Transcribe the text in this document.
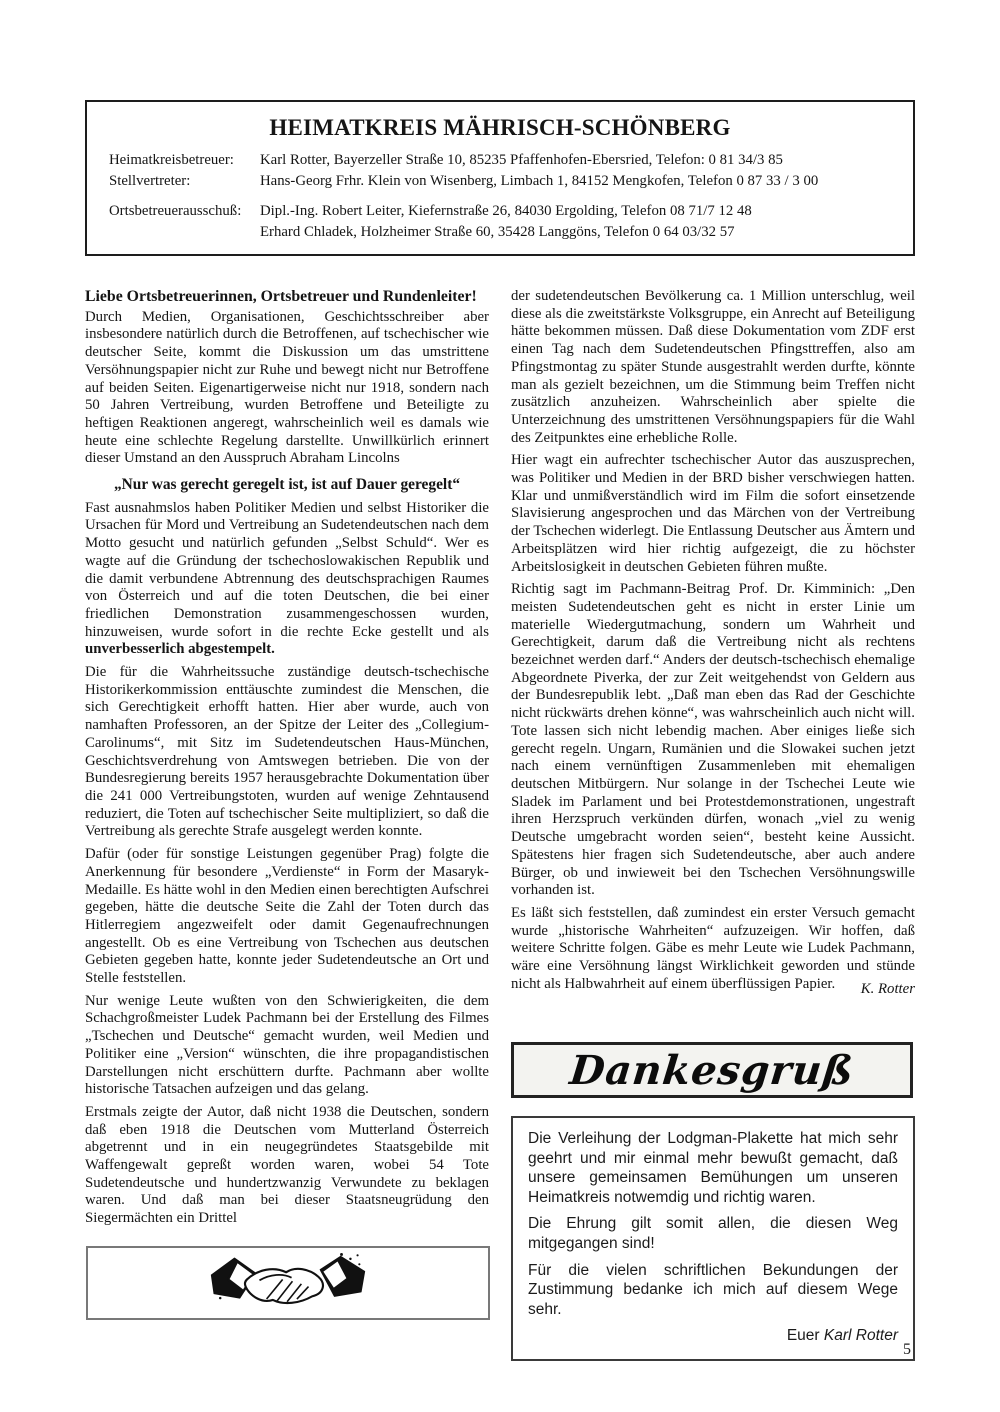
HEIMATKREIS MÄHRISCH-SCHÖNBERG
Heimatkreisbetreuer:	Karl Rotter, Bayerzeller Straße 10, 85235 Pfaffenhofen-Ebersried, Telefon: 0 81 34/3 85
Stellvertreter:	Hans-Georg Frhr. Klein von Wisenberg, Limbach 1, 84152 Mengkofen, Telefon 0 87 33 / 3 00
Ortsbetreuerausschuß:	Dipl.-Ing. Robert Leiter, Kiefernstraße 26, 84030 Ergolding, Telefon 08 71/7 12 48
Erhard Chladek, Holzheimer Straße 60, 35428 Langgöns, Telefon 0 64 03/32 57

Liebe Ortsbetreuerinnen, Ortsbetreuer und Rundenleiter!

Durch Medien, Organisationen, Geschichtsschreiber aber insbesondere natürlich durch die Betroffenen, auf tschechischer wie deutscher Seite, kommt die Diskussion um das umstrittene Versöhnungspapier nicht zur Ruhe und bewegt nicht nur Betroffene auf beiden Seiten. Eigenartigerweise nicht nur 1918, sondern nach 50 Jahren Vertreibung, wurden Betroffene und Beteiligte zu heftigen Reaktionen angeregt, wahrscheinlich weil es damals wie heute eine schlechte Regelung darstellte. Unwillkürlich erinnert dieser Umstand an den Ausspruch Abraham Lincolns

„Nur was gerecht geregelt ist, ist auf Dauer geregelt“

Fast ausnahmslos haben Politiker Medien und selbst Historiker die Ursachen für Mord und Vertreibung an Sudetendeutschen nach dem Motto gesucht und natürlich gefunden „Selbst Schuld“. Wer es wagte auf die Gründung der tschechoslowakischen Republik und die damit verbundene Abtrennung des deutschsprachigen Raumes von Österreich und auf die toten Deutschen, die bei einer friedlichen Demonstration zusammengeschossen wurden, hinzuweisen, wurde sofort in die rechte Ecke gestellt und als unverbesserlich abgestempelt.

Die für die Wahrheitssuche zuständige deutsch-tschechische Historikerkommission enttäuschte zumindest die Menschen, die sich Gerechtigkeit erhofft hatten. Hier aber wurde, auch von namhaften Professoren, an der Spitze der Leiter des „Collegium-Carolinums“, mit Sitz im Sudetendeutschen Haus-München, Geschichtsverdrehung von Amtswegen betrieben. Die von der Bundesregierung bereits 1957 herausgebrachte Dokumentation über die 241 000 Vertreibungstoten, wurden auf wenige Zehntausend reduziert, die Toten auf tschechischer Seite multipliziert, so daß die Vertreibung als gerechte Strafe ausgelegt werden konnte.

Dafür (oder für sonstige Leistungen gegenüber Prag) folgte die Anerkennung für besondere „Verdienste“ in Form der Masaryk-Medaille. Es hätte wohl in den Medien einen berechtigten Aufschrei gegeben, hätte die deutsche Seite die Zahl der Toten durch das Hitlerregiem angezweifelt oder damit Gegenaufrechnungen angestellt. Ob es eine Vertreibung von Tschechen aus deutschen Gebieten gegeben hatte, konnte jeder Sudetendeutsche an Ort und Stelle feststellen.

Nur wenige Leute wußten von den Schwierigkeiten, die dem Schachgroßmeister Ludek Pachmann bei der Erstellung des Filmes „Tschechen und Deutsche“ gemacht wurden, weil Medien und Politiker eine „Version“ wünschten, die ihre propagandistischen Darstellungen nicht erschüttern durfte. Pachmann aber wollte historische Tatsachen aufzeigen und das gelang.

Erstmals zeigte der Autor, daß nicht 1938 die Deutschen, sondern daß eben 1918 die Deutschen vom Mutterland Österreich abgetrennt und in ein neugegründetes Staatsgebilde mit Waffengewalt gepreßt worden waren, wobei 54 Tote Sudetendeutsche und hundertzwanzig Verwundete zu beklagen waren. Und daß man bei dieser Staatsneugrüdung den Siegermächten ein Drittel

der sudetendeutschen Bevölkerung ca. 1 Million unterschlug, weil diese als die zweitstärkste Volksgruppe, ein Anrecht auf Beteiligung hätte bekommen müssen. Daß diese Dokumentation vom ZDF erst einen Tag nach dem Sudetendeutschen Pfingsttreffen, also am Pfingstmontag zu später Stunde ausgestrahlt werden durfte, könnte man als gezielt bezeichnen, um die Stimmung beim Treffen nicht zusätzlich anzuheizen. Wahrscheinlich aber spielte die Unterzeichnung des umstrittenen Versöhnungspapiers für die Wahl des Zeitpunktes eine erhebliche Rolle.

Hier wagt ein aufrechter tschechischer Autor das auszusprechen, was Politiker und Medien in der BRD bisher verschwiegen hatten. Klar und unmißverständlich wird im Film die sofort einsetzende Slavisierung angesprochen und das Märchen von der Vertreibung der Tschechen widerlegt. Die Entlassung Deutscher aus Ämtern und Arbeitsplätzen wird hier richtig aufgezeigt, die zu höchster Arbeitslosigkeit in deutschen Gebieten führen mußte.

Richtig sagt im Pachmann-Beitrag Prof. Dr. Kimminich: „Den meisten Sudetendeutschen geht es nicht in erster Linie um materielle Wiedergutmachung, sondern um Wahrheit und Gerechtigkeit, darum daß die Vertreibung nicht als rechtens bezeichnet werden darf.“ Anders der deutsch-tschechisch ehemalige Abgeordnete Piverka, der zur Zeit weitgehendst von Geldern aus der Bundesrepublik lebt. „Daß man eben das Rad der Geschichte nicht rückwärts drehen könne“, was wahrscheinlich auch nicht will. Tote lassen sich nicht lebendig machen. Aber einiges ließe sich gerecht regeln. Ungarn, Rumänien und die Slowakei suchen jetzt nach einem vernünftigen Zusammenleben mit ehemaligen deutschen Mitbürgern. Nur solange in der Tschechei Leute wie Sladek im Parlament und bei Protestdemonstrationen, ungestraft ihren Herzspruch verkünden dürfen, wonach „viel zu wenig Deutsche umgebracht worden seien“, besteht keine Aussicht. Spätestens hier fragen sich Sudetendeutsche, aber auch andere Bürger, ob und inwieweit bei den Tschechen Versöhnungswille vorhanden ist.

Es läßt sich feststellen, daß zumindest ein erster Versuch gemacht wurde „historische Wahrheiten“ aufzuzeigen. Wir hoffen, daß weitere Schritte folgen. Gäbe es mehr Leute wie Ludek Pachmann, wäre eine Versöhnung längst Wirklichkeit geworden und stünde nicht als Halbwahrheit auf einem überflüssigen Papier.	K. Rotter
Dankesgruß

Die Verleihung der Lodgman-Plakette hat mich sehr geehrt und mir einmal mehr bewußt gemacht, daß unsere gemeinsamen Bemühungen um unseren Heimatkreis notwemdig und richtig waren.

Die Ehrung gilt somit allen, die diesen Weg mitgegangen sind!

Für die vielen schriftlichen Bekundungen der Zustimmung bedanke ich mich auf diesem Wege sehr.

Euer Karl Rotter
5
